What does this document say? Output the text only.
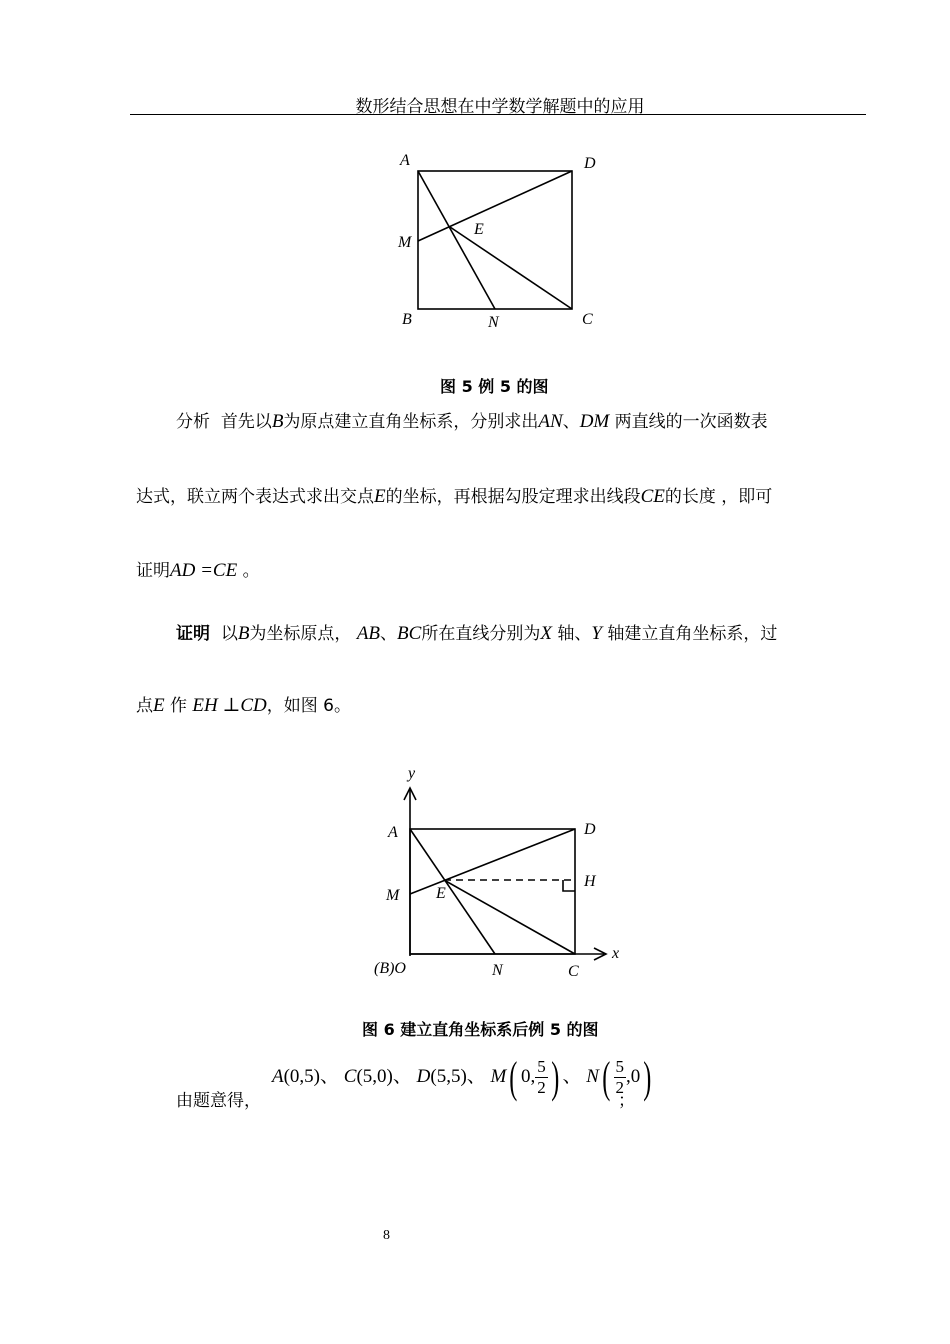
数形结合思想在中学数学解题中的应用
A	D
M
E
B	N	C
图 5 例 5 的图
分析 首先以B为原点建立直角坐标系，分别求出AN、DM 两直线的一次函数表
达式，联立两个表达式求出交点E的坐标，再根据勾股定理求出线段CE的长度 ，即可
证明AD =CE 。
证明 以B为坐标原点， AB、BC所在直线分别为X 轴、Y 轴建立直角坐标系，过
点E 作 EH ⊥CD，如图 6。
y
x
A	D
H
M E
(B)O	N	C
图 6 建立直角坐标系后例 5 的图
由题意得，
A(0,5)、 C(5,0)、 D(5,5)、 M( 0, $\frac{5}{2}$ ) 、 $N( \frac{5}{2} ,0)$
；
8
